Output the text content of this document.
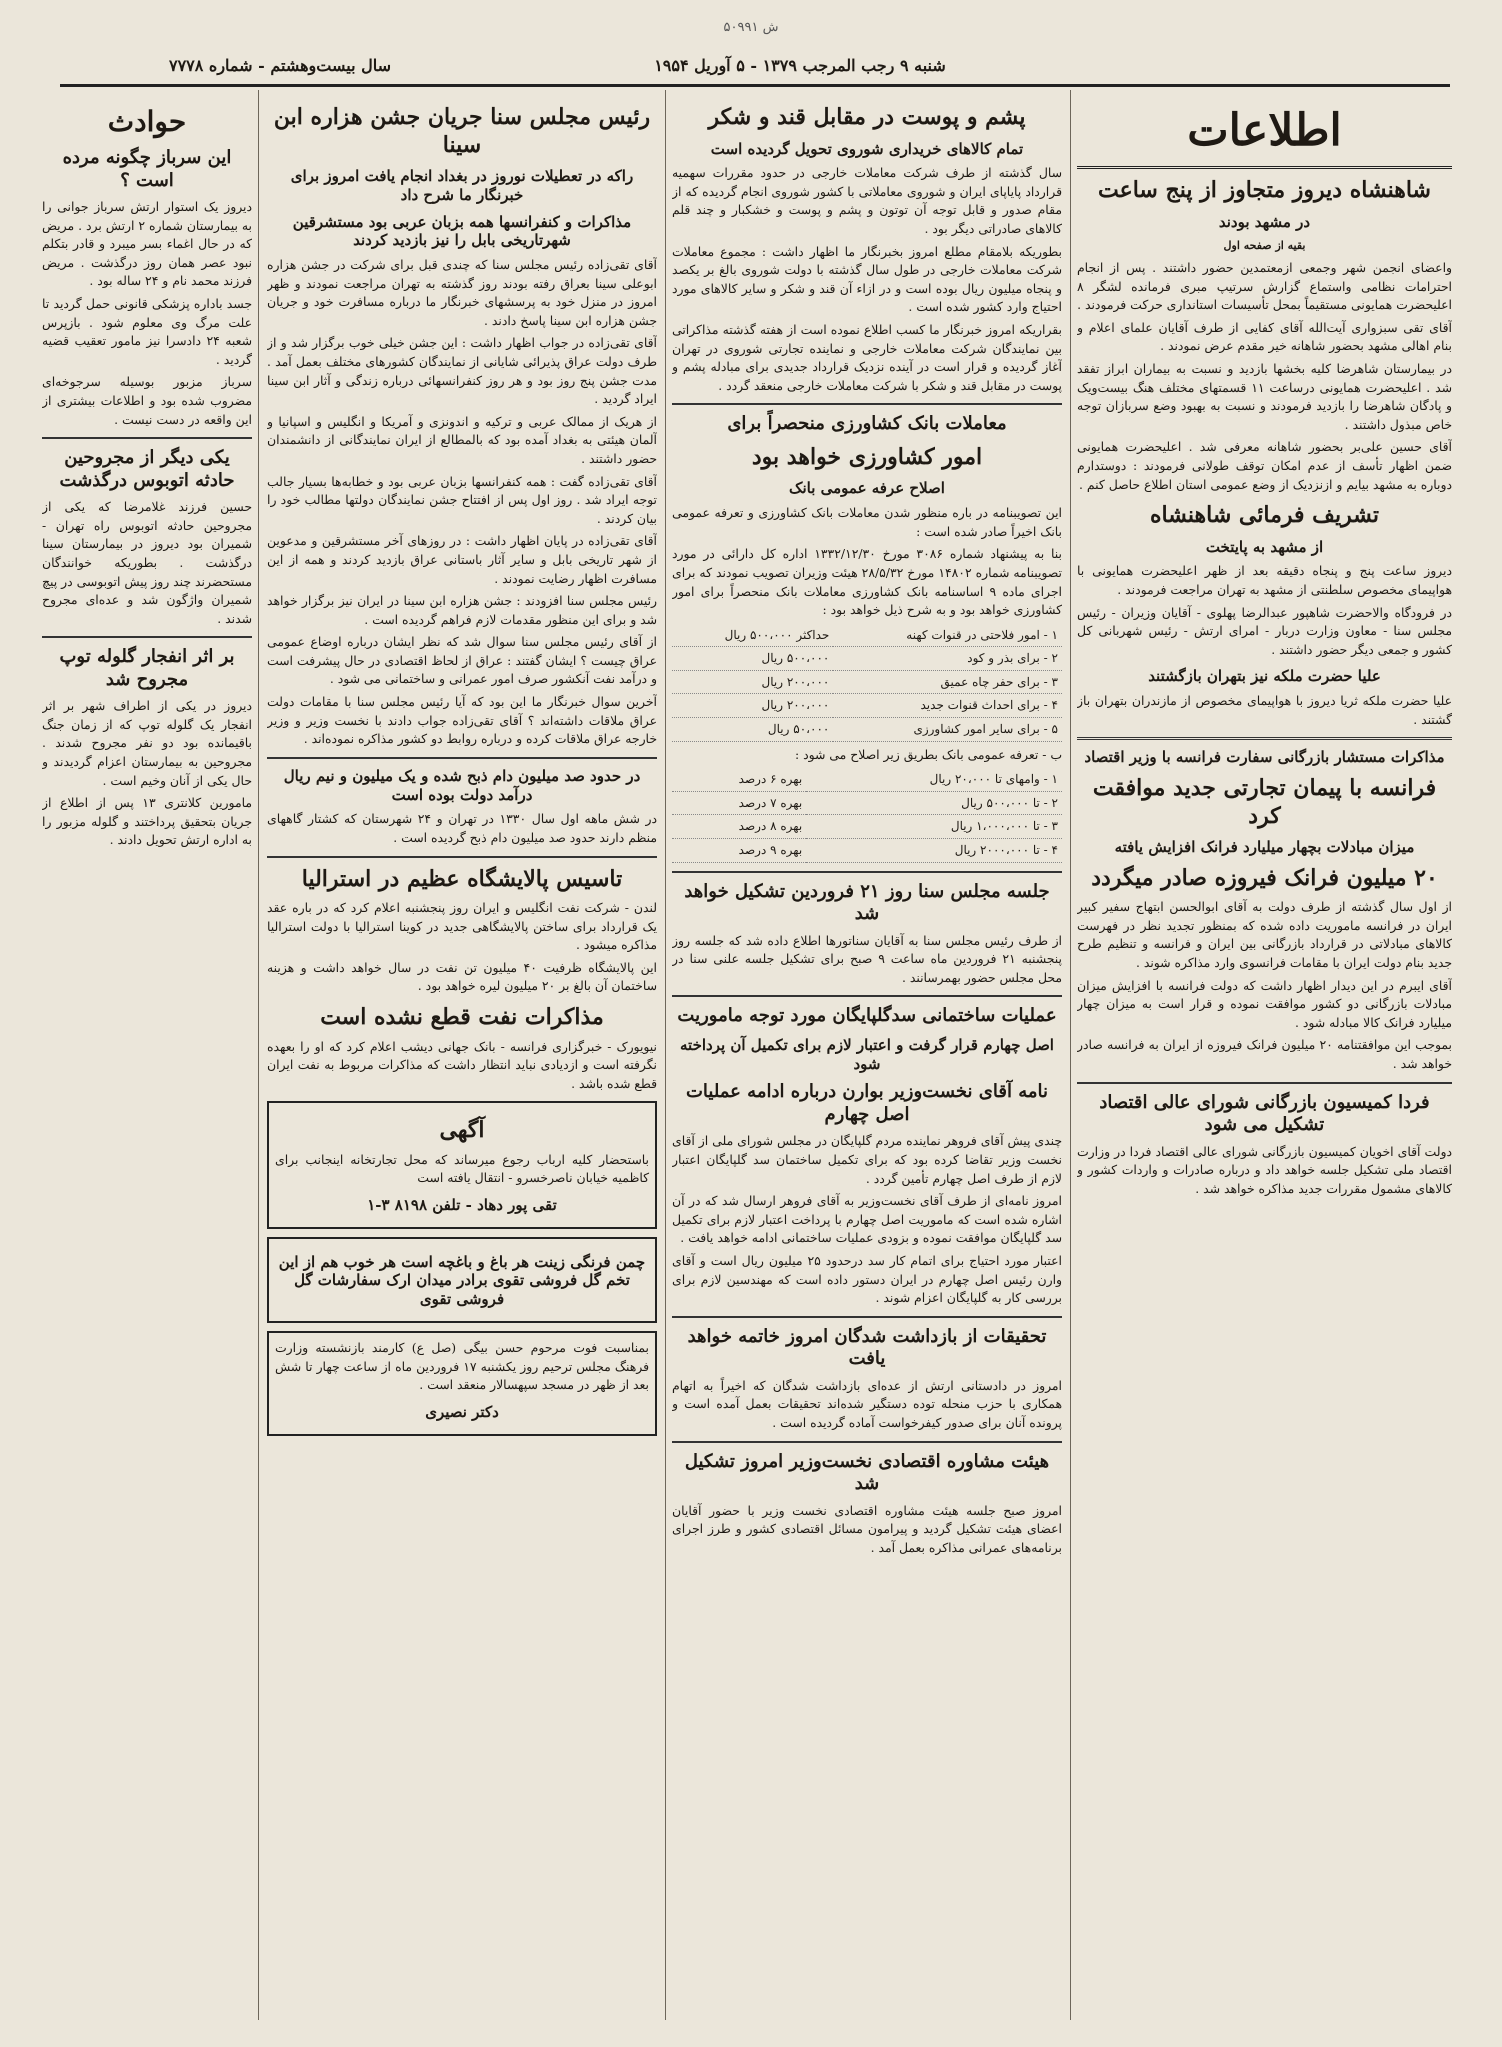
ش ۵۰۹۹۱
شنبه ۹ رجب المرجب ۱۳۷۹ - ۵ آوریل ۱۹۵۴
سال بیست‌وهشتم - شماره ۷۷۷۸
اطلاعات
شاهنشاه دیروز متجاوز از پنج ساعت
در مشهد بودند
بقیه از صفحه اول

واعضای انجمن شهر وجمعی ازمعتمدین حضور داشتند . پس از انجام احترامات نظامی واستماع گزارش سرتیپ مبری فرمانده لشگر ۸ اعلیحضرت همایونی مستقیماً بمحل تأسیسات استانداری حرکت فرمودند .

آقای تقی سبزواری آیت‌الله آقای کفایی از طرف آقایان علمای اعلام و بنام اهالی مشهد بحضور شاهانه خیر مقدم عرض نمودند .

در بیمارستان شاهرضا کلیه بخشها بازدید و نسبت به بیماران ابراز تفقد شد . اعلیحضرت همایونی درساعت ۱۱ قسمتهای مختلف هنگ بیست‌ویک و پادگان شاهرضا را بازدید فرمودند و نسبت به بهبود وضع سربازان توجه خاص مبذول داشتند .

آقای حسین علی‌بر بحضور شاهانه معرفی شد . اعلیحضرت همایونی ضمن اظهار تأسف از عدم امکان توقف طولانی فرمودند : دوستدارم دوباره به مشهد بیایم و ازنزدیک از وضع عمومی استان اطلاع حاصل کنم .

تشریف فرمائی شاهنشاه
از مشهد به پایتخت

دیروز ساعت پنج و پنجاه دقیقه بعد از ظهر اعلیحضرت همایونی با هواپیمای مخصوص سلطنتی از مشهد به تهران مراجعت فرمودند .

در فرودگاه والاحضرت شاهپور عبدالرضا پهلوی - آقایان وزیران - رئیس مجلس سنا - معاون وزارت دربار - امرای ارتش - رئیس شهربانی کل کشور و جمعی دیگر حضور داشتند .

علیا حضرت ملکه نیز بتهران بازگشتند

علیا حضرت ملکه ثریا دیروز با هواپیمای مخصوص از مازندران بتهران باز گشتند .

مذاکرات مستشار بازرگانی سفارت فرانسه با وزیر اقتصاد
فرانسه با پیمان تجارتی جدید موافقت کرد
میزان مبادلات بچهار میلیارد فرانک افزایش یافته
۲۰ میلیون فرانک فیروزه صادر میگردد

از اول سال گذشته از طرف دولت به آقای ابوالحسن ابتهاج سفیر کبیر ایران در فرانسه ماموریت داده شده که بمنظور تجدید نظر در فهرست کالاهای مبادلاتی در قرارداد بازرگانی بین ایران و فرانسه و تنظیم طرح جدید بنام دولت ایران با مقامات فرانسوی وارد مذاکره شوند .

آقای ایبرم در این دیدار اظهار داشت که دولت فرانسه با افزایش میزان مبادلات بازرگانی دو کشور موافقت نموده و قرار است به میزان چهار میلیارد فرانک کالا مبادله شود .

بموجب این موافقتنامه ۲۰ میلیون فرانک فیروزه از ایران به فرانسه صادر خواهد شد .

فردا کمیسیون بازرگانی شورای عالی اقتصاد تشکیل می شود

دولت آقای اخویان کمیسیون بازرگانی شورای عالی اقتصاد فردا در وزارت اقتصاد ملی تشکیل جلسه خواهد داد و درباره صادرات و واردات کشور و کالاهای مشمول مقررات جدید مذاکره خواهد شد .

پشم و پوست در مقابل قند و شکر
تمام کالاهای خریداری شوروی تحویل گردیده است

سال گذشته از طرف شرکت معاملات خارجی در حدود مقررات سهمیه قرارداد پایاپای ایران و شوروی معاملاتی با کشور شوروی انجام گردیده که از مقام صدور و قابل توجه آن توتون و پشم و پوست و خشکبار و چند قلم کالاهای صادراتی دیگر بود .

بطوریکه بلامقام مطلع امروز بخبرنگار ما اظهار داشت : مجموع معاملات شرکت معاملات خارجی در طول سال گذشته با دولت شوروی بالغ بر یکصد و پنجاه میلیون ریال بوده است و در ازاء آن قند و شکر و سایر کالاهای مورد احتیاج وارد کشور شده است .

بقراریکه امروز خبرنگار ما کسب اطلاع نموده است از هفته گذشته مذاکراتی بین نمایندگان شرکت معاملات خارجی و نماینده تجارتی شوروی در تهران آغاز گردیده و قرار است در آینده نزدیک قرارداد جدیدی برای مبادله پشم و پوست در مقابل قند و شکر با شرکت معاملات خارجی منعقد گردد .

معاملات بانک کشاورزی منحصراً برای
امور کشاورزی خواهد بود
اصلاح عرفه عمومی بانک

این تصویبنامه در باره منظور شدن معاملات بانک کشاورزی و تعرفه عمومی بانک اخیراً صادر شده است :

بنا به پیشنهاد شماره ۳۰۸۶ مورخ ۱۳۳۲/۱۲/۳۰ اداره کل دارائی در مورد تصویبنامه شماره ۱۴۸۰۲ مورخ ۲۸/۵/۳۲ هیئت وزیران تصویب نمودند که برای اجرای ماده ۹ اساسنامه بانک کشاورزی معاملات بانک منحصراً برای امور کشاورزی خواهد بود و به شرح ذیل خواهد بود :

۱ - امور فلاحتی در قنوات کهنه	حداکثر ۵۰۰،۰۰۰ ریال
۲ - برای بذر و کود	۵۰۰،۰۰۰ ریال
۳ - برای حفر چاه عمیق	۲۰۰،۰۰۰ ریال
۴ - برای احداث قنوات جدید	۲۰۰،۰۰۰ ریال
۵ - برای سایر امور کشاورزی	۵۰،۰۰۰ ریال

ب - تعرفه عمومی بانک بطریق زیر اصلاح می شود :

۱ - وامهای تا ۲۰،۰۰۰ ریال	بهره ۶ درصد
۲ - تا ۵۰۰،۰۰۰ ریال	بهره ۷ درصد
۳ - تا ۱،۰۰۰،۰۰۰ ریال	بهره ۸ درصد
۴ - تا ۲۰۰۰،۰۰۰ ریال	بهره ۹ درصد
جلسه مجلس سنا روز ۲۱ فروردین تشکیل خواهد شد

از طرف رئیس مجلس سنا به آقایان سناتورها اطلاع داده شد که جلسه روز پنجشنبه ۲۱ فروردین ماه ساعت ۹ صبح برای تشکیل جلسه علنی سنا در محل مجلس حضور بهمرسانند .

عملیات ساختمانی سدگلپایگان مورد توجه ماموریت
اصل چهارم قرار گرفت و اعتبار لازم برای تکمیل آن پرداخته شود
نامه آقای نخست‌وزیر بوارن درباره ادامه عملیات اصل چهارم

چندی پیش آقای فروهر نماینده مردم گلپایگان در مجلس شورای ملی از آقای نخست وزیر تقاضا کرده بود که برای تکمیل ساختمان سد گلپایگان اعتبار لازم از طرف اصل چهارم تأمین گردد .

امروز نامه‌ای از طرف آقای نخست‌وزیر به آقای فروهر ارسال شد که در آن اشاره شده است که ماموریت اصل چهارم با پرداخت اعتبار لازم برای تکمیل سد گلپایگان موافقت نموده و بزودی عملیات ساختمانی ادامه خواهد یافت .

اعتبار مورد احتیاج برای اتمام کار سد درحدود ۲۵ میلیون ریال است و آقای وارن رئیس اصل چهارم در ایران دستور داده است که مهندسین لازم برای بررسی کار به گلپایگان اعزام شوند .

تحقیقات از بازداشت شدگان امروز خاتمه خواهد یافت

امروز در دادستانی ارتش از عده‌ای بازداشت شدگان که اخیراً به اتهام همکاری با حزب منحله توده دستگیر شده‌اند تحقیقات بعمل آمده است و پرونده آنان برای صدور کیفرخواست آماده گردیده است .

هیئت مشاوره اقتصادی نخست‌وزیر امروز تشکیل شد

امروز صبح جلسه هیئت مشاوره اقتصادی نخست وزیر با حضور آقایان اعضای هیئت تشکیل گردید و پیرامون مسائل اقتصادی کشور و طرز اجرای برنامه‌های عمرانی مذاکره بعمل آمد .

رئیس مجلس سنا جریان جشن هزاره ابن سینا
راکه در تعطیلات نوروز در بغداد انجام یافت امروز برای خبرنگار ما شرح داد
مذاکرات و کنفرانسها همه بزبان عربی بود مستشرقین شهرتاریخی بابل را نیز بازدید کردند

آقای تقی‌زاده رئیس مجلس سنا که چندی قبل برای شرکت در جشن هزاره ابوعلی سینا بعراق رفته بودند روز گذشته به تهران مراجعت نمودند و ظهر امروز در منزل خود به پرسشهای خبرنگار ما درباره مسافرت خود و جریان جشن هزاره ابن سینا پاسخ دادند .

آقای تقی‌زاده در جواب اظهار داشت : این جشن خیلی خوب برگزار شد و از طرف دولت عراق پذیرائی شایانی از نمایندگان کشورهای مختلف بعمل آمد . مدت جشن پنج روز بود و هر روز کنفرانسهائی درباره زندگی و آثار ابن سینا ایراد گردید .

از هریک از ممالک عربی و ترکیه و اندونزی و آمریکا و انگلیس و اسپانیا و آلمان هیئتی به بغداد آمده بود که بالمطالع از ایران نمایندگانی از دانشمندان حضور داشتند .

آقای تقی‌زاده گفت : همه کنفرانسها بزبان عربی بود و خطابه‌ها بسیار جالب توجه ایراد شد . روز اول پس از افتتاح جشن نمایندگان دولتها مطالب خود را بیان کردند .

آقای تقی‌زاده در پایان اظهار داشت : در روزهای آخر مستشرقین و مدعوین از شهر تاریخی بابل و سایر آثار باستانی عراق بازدید کردند و همه از این مسافرت اظهار رضایت نمودند .

رئیس مجلس سنا افزودند : جشن هزاره ابن سینا در ایران نیز برگزار خواهد شد و برای این منظور مقدمات لازم فراهم گردیده است .

از آقای رئیس مجلس سنا سوال شد که نظر ایشان درباره اوضاع عمومی عراق چیست ؟ ایشان گفتند : عراق از لحاظ اقتصادی در حال پیشرفت است و درآمد نفت آنکشور صرف امور عمرانی و ساختمانی می شود .

آخرین سوال خبرنگار ما این بود که آیا رئیس مجلس سنا با مقامات دولت عراق ملاقات داشته‌اند ؟ آقای تقی‌زاده جواب دادند با نخست وزیر و وزیر خارجه عراق ملاقات کرده و درباره روابط دو کشور مذاکره نموده‌اند .

در حدود صد میلیون دام ذبح شده و یک میلیون و نیم ریال درآمد دولت بوده است

در شش ماهه اول سال ۱۳۳۰ در تهران و ۲۴ شهرستان که کشتار گاههای منظم دارند حدود صد میلیون دام ذبح گردیده است .

تاسیس پالایشگاه عظیم در استرالیا

لندن - شرکت نفت انگلیس و ایران روز پنجشنبه اعلام کرد که در باره عقد یک قرارداد برای ساختن پالایشگاهی جدید در کوینا استرالیا با دولت استرالیا مذاکره میشود .

این پالایشگاه ظرفیت ۴۰ میلیون تن نفت در سال خواهد داشت و هزینه ساختمان آن بالغ بر ۲۰ میلیون لیره خواهد بود .

مذاکرات نفت قطع نشده است

نیویورک - خبرگزاری فرانسه - بانک جهانی دیشب اعلام کرد که او را بعهده نگرفته است و ازدیادی نباید انتظار داشت که مذاکرات مربوط به نفت ایران قطع شده باشد .

آگهی

باستحضار کلیه ارباب رجوع میرساند که محل تجارتخانه اینجانب برای کاظمیه خیابان ناصرخسرو - انتقال یافته است

تقی پور دهاد - تلفن ۸۱۹۸ ۳-۱
چمن فرنگی زینت هر باغ و باغچه است هر خوب هم از این تخم گل فروشی تقوی برادر میدان ارک سفارشات گل فروشی تقوی

بمناسبت فوت مرحوم حسن بیگی (صل ع) کارمند بازنشسته وزارت فرهنگ مجلس ترحیم روز یکشنبه ۱۷ فروردین ماه از ساعت چهار تا شش بعد از ظهر در مسجد سپهسالار منعقد است .

دکتر نصیری
حوادث
این سرباز چگونه مرده است ؟

دیروز یک استوار ارتش سرباز جوانی را به بیمارستان شماره ۲ ارتش برد . مریض که در حال اغماء بسر میبرد و قادر بتکلم نبود عصر همان روز درگذشت . مریض فرزند محمد نام و ۲۴ ساله بود .

جسد باداره پزشکی قانونی حمل گردید تا علت مرگ وی معلوم شود . بازپرس شعبه ۲۴ دادسرا نیز مامور تعقیب قضیه گردید .

سرباز مزبور بوسیله سرجوخه‌ای مضروب شده بود و اطلاعات بیشتری از این واقعه در دست نیست .

یکی دیگر از مجروحین حادثه اتوبوس درگذشت

حسین فرزند غلامرضا که یکی از مجروحین حادثه اتوبوس راه تهران - شمیران بود دیروز در بیمارستان سینا درگذشت . بطوریکه خوانندگان مستحضرند چند روز پیش اتوبوسی در پیچ شمیران واژگون شد و عده‌ای مجروح شدند .

بر اثر انفجار گلوله توپ مجروح شد

دیروز در یکی از اطراف شهر بر اثر انفجار یک گلوله توپ که از زمان جنگ باقیمانده بود دو نفر مجروح شدند . مجروحین به بیمارستان اعزام گردیدند و حال یکی از آنان وخیم است .

مامورین کلانتری ۱۳ پس از اطلاع از جریان بتحقیق پرداختند و گلوله مزبور را به اداره ارتش تحویل دادند .
